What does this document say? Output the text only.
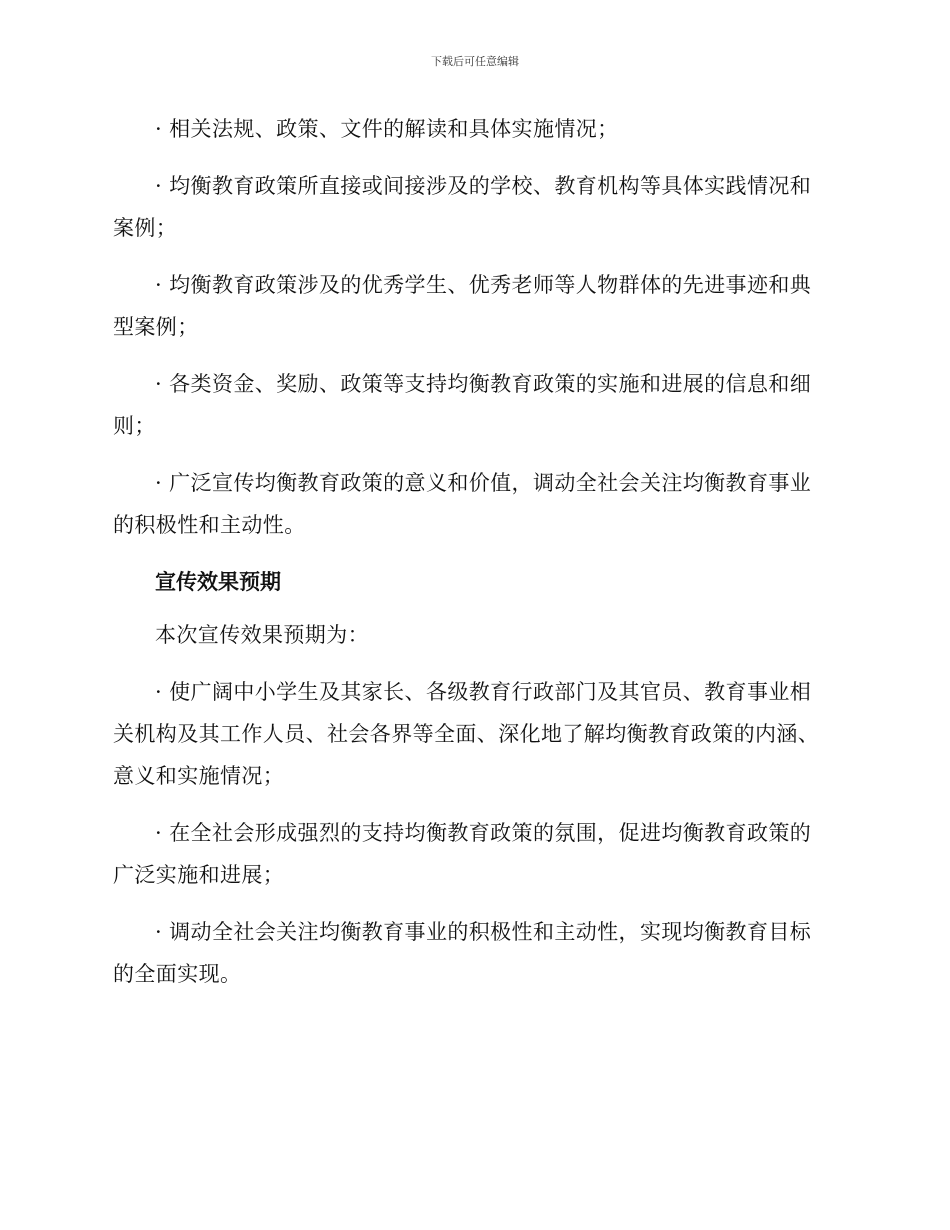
下载后可任意编辑

· 相关法规、政策、文件的解读和具体实施情况；

· 均衡教育政策所直接或间接涉及的学校、教育机构等具体实践情况和案例；

· 均衡教育政策涉及的优秀学生、优秀老师等人物群体的先进事迹和典型案例；

· 各类资金、奖励、政策等支持均衡教育政策的实施和进展的信息和细则；

· 广泛宣传均衡教育政策的意义和价值，调动全社会关注均衡教育事业的积极性和主动性。

宣传效果预期

本次宣传效果预期为：

· 使广阔中小学生及其家长、各级教育行政部门及其官员、教育事业相关机构及其工作人员、社会各界等全面、深化地了解均衡教育政策的内涵、意义和实施情况；

· 在全社会形成强烈的支持均衡教育政策的氛围，促进均衡教育政策的广泛实施和进展；

· 调动全社会关注均衡教育事业的积极性和主动性，实现均衡教育目标的全面实现。
